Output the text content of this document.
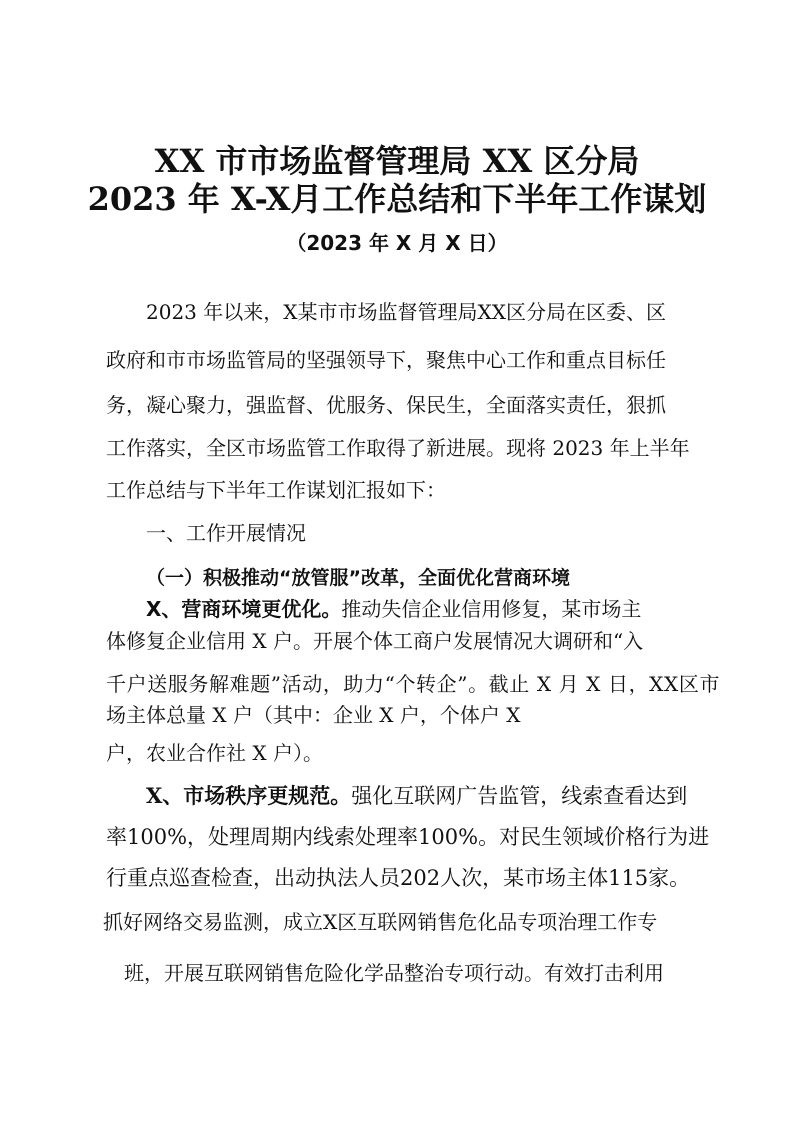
XX 市市场监督管理局 XX 区分局
2023 年 X-X月工作总结和下半年工作谋划
（2023 年 X 月 X 日）
2023 年以来，X某市市场监督管理局XX区分局在区委、区
政府和市市场监管局的坚强领导下，聚焦中心工作和重点目标任
务，凝心聚力，强监督、优服务、保民生，全面落实责任，狠抓
工作落实，全区市场监管工作取得了新进展。现将 2023 年上半年
工作总结与下半年工作谋划汇报如下：
一、工作开展情况
（一）积极推动“放管服”改革，全面优化营商环境
X、营商环境更优化。推动失信企业信用修复，某市场主
体修复企业信用 X 户。开展个体工商户发展情况大调研和“入
千户送服务解难题”活动，助力“个转企”。截止 X 月 X 日，XX区市
场主体总量 X 户（其中：企业 X 户，个体户 X
户，农业合作社 X 户）。
X、市场秩序更规范。强化互联网广告监管，线索查看达到
率100%，处理周期内线索处理率100%。对民生领域价格行为进
行重点巡查检查，出动执法人员202人次，某市场主体115家。
抓好网络交易监测，成立X区互联网销售危化品专项治理工作专
班，开展互联网销售危险化学品整治专项行动。有效打击利用
